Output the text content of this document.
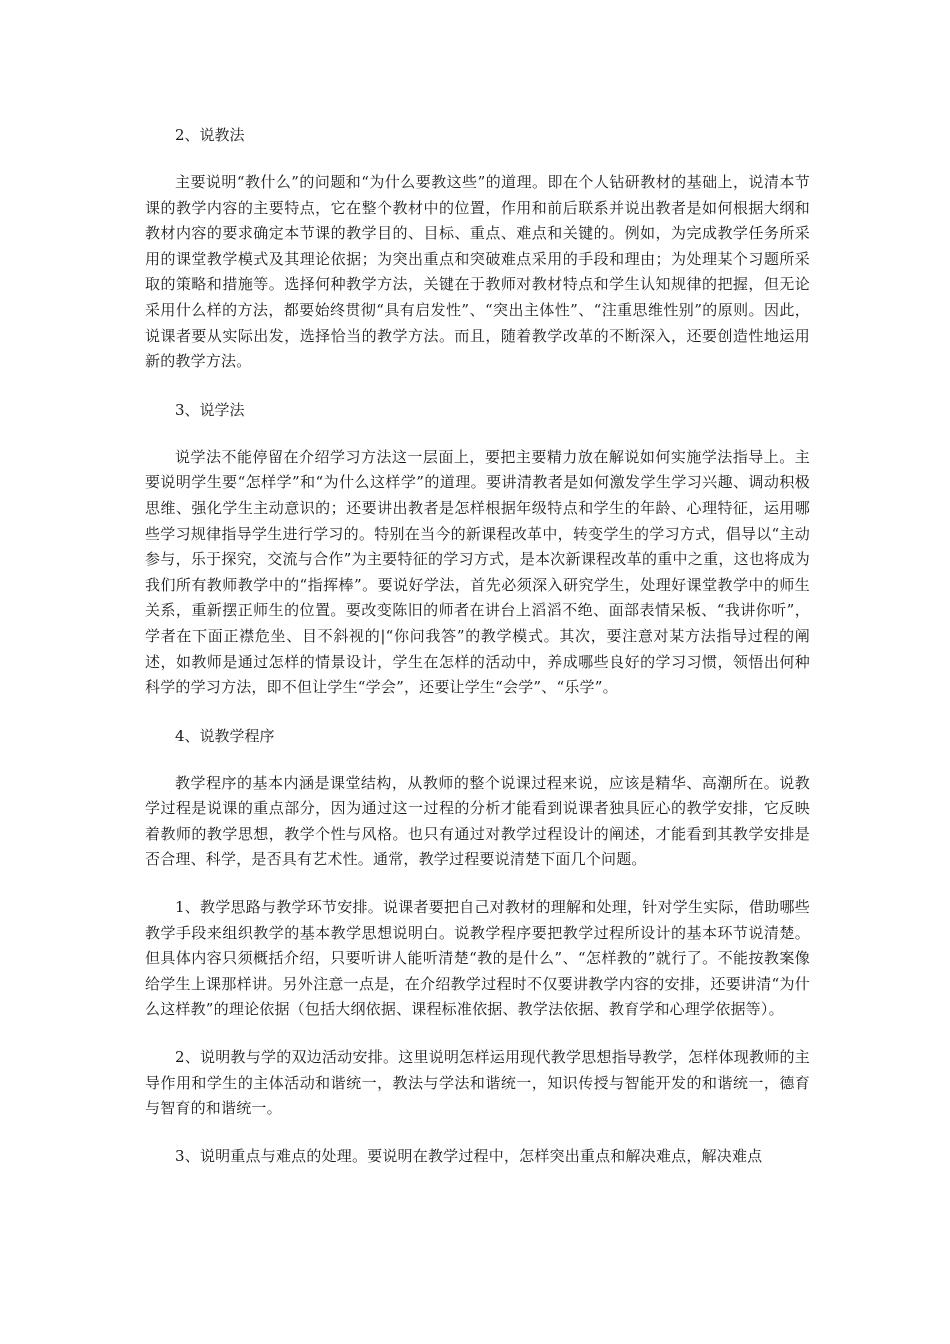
2、说教法

主要说明“教什么”的问题和“为什么要教这些”的道理。即在个人钻研教材的基础上，说清本节课的教学内容的主要特点，它在整个教材中的位置，作用和前后联系并说出教者是如何根据大纲和教材内容的要求确定本节课的教学目的、目标、重点、难点和关键的。例如，为完成教学任务所采用的课堂教学模式及其理论依据；为突出重点和突破难点采用的手段和理由；为处理某个习题所采取的策略和措施等。选择何种教学方法，关键在于教师对教材特点和学生认知规律的把握，但无论采用什么样的方法，都要始终贯彻“具有启发性”、“突出主体性”、“注重思维性别”的原则。因此，说课者要从实际出发，选择恰当的教学方法。而且，随着教学改革的不断深入，还要创造性地运用新的教学方法。

3、说学法

说学法不能停留在介绍学习方法这一层面上，要把主要精力放在解说如何实施学法指导上。主要说明学生要“怎样学”和“为什么这样学”的道理。要讲清教者是如何激发学生学习兴趣、调动积极思维、强化学生主动意识的；还要讲出教者是怎样根据年级特点和学生的年龄、心理特征，运用哪些学习规律指导学生进行学习的。特别在当今的新课程改革中，转变学生的学习方式，倡导以“主动参与，乐于探究，交流与合作”为主要特征的学习方式，是本次新课程改革的重中之重，这也将成为我们所有教师教学中的“指挥棒”。要说好学法，首先必须深入研究学生，处理好课堂教学中的师生关系，重新摆正师生的位置。要改变陈旧的师者在讲台上滔滔不绝、面部表情呆板、“我讲你听”，学者在下面正襟危坐、目不斜视的|“你问我答”的教学模式。其次，要注意对某方法指导过程的阐述，如教师是通过怎样的情景设计，学生在怎样的活动中，养成哪些良好的学习习惯，领悟出何种科学的学习方法，即不但让学生“学会”，还要让学生“会学”、“乐学”。

4、说教学程序

教学程序的基本内涵是课堂结构，从教师的整个说课过程来说，应该是精华、高潮所在。说教学过程是说课的重点部分，因为通过这一过程的分析才能看到说课者独具匠心的教学安排，它反映着教师的教学思想，教学个性与风格。也只有通过对教学过程设计的阐述，才能看到其教学安排是否合理、科学，是否具有艺术性。通常，教学过程要说清楚下面几个问题。

1、教学思路与教学环节安排。说课者要把自己对教材的理解和处理，针对学生实际，借助哪些教学手段来组织教学的基本教学思想说明白。说教学程序要把教学过程所设计的基本环节说清楚。但具体内容只须概括介绍，只要听讲人能听清楚“教的是什么”、“怎样教的”就行了。不能按教案像给学生上课那样讲。另外注意一点是，在介绍教学过程时不仅要讲教学内容的安排，还要讲清“为什么这样教”的理论依据（包括大纲依据、课程标准依据、教学法依据、教育学和心理学依据等）。

2、说明教与学的双边活动安排。这里说明怎样运用现代教学思想指导教学，怎样体现教师的主导作用和学生的主体活动和谐统一，教法与学法和谐统一，知识传授与智能开发的和谐统一，德育与智育的和谐统一。

3、说明重点与难点的处理。要说明在教学过程中，怎样突出重点和解决难点，解决难点
